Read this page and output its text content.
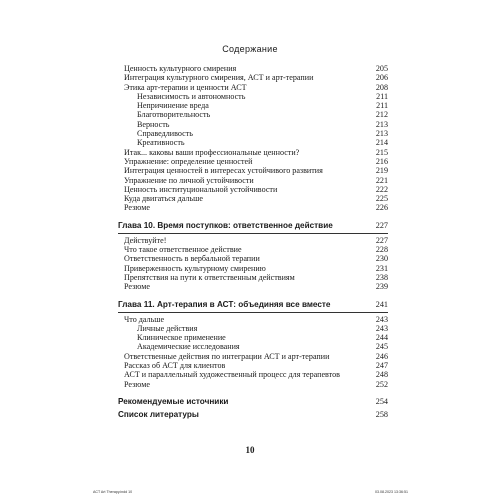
Содержание
Ценность культурного смирения	205
Интеграция культурного смирения, АСТ и арт-терапии	206
Этика арт-терапии и ценности АСТ	208
Независимость и автономность	211
Непричинение вреда	211
Благотворительность	212
Верность	213
Справедливость	213
Креативность	214
Итак... каковы ваши профессиональные ценности?	215
Упражнение: определение ценностей	216
Интеграция ценностей в интересах устойчивого развития	219
Упражнение по личной устойчивости	221
Ценность институциональной устойчивости	222
Куда двигаться дальше	225
Резюме	226
Глава 10. Время поступков: ответственное действие	227
Действуйте!	227
Что такое ответственное действие	228
Ответственность в вербальной терапии	230
Приверженность культурному смирению	231
Препятствия на пути к ответственным действиям	238
Резюме	239
Глава 11. Арт-терапия в АСТ: объединяя все вместе	241
Что дальше	243
Личные действия	243
Клиническое применение	244
Академические исследования	245
Ответственные действия по интеграции АСТ и арт-терапии	246
Рассказ об АСТ для клиентов	247
АСТ и параллельный художественный процесс для терапевтов	248
Резюме	252
Рекомендуемые источники	254
Список литературы	258
10
ACT Art Therapy.indd 10	03.08.2023 13:36:51
